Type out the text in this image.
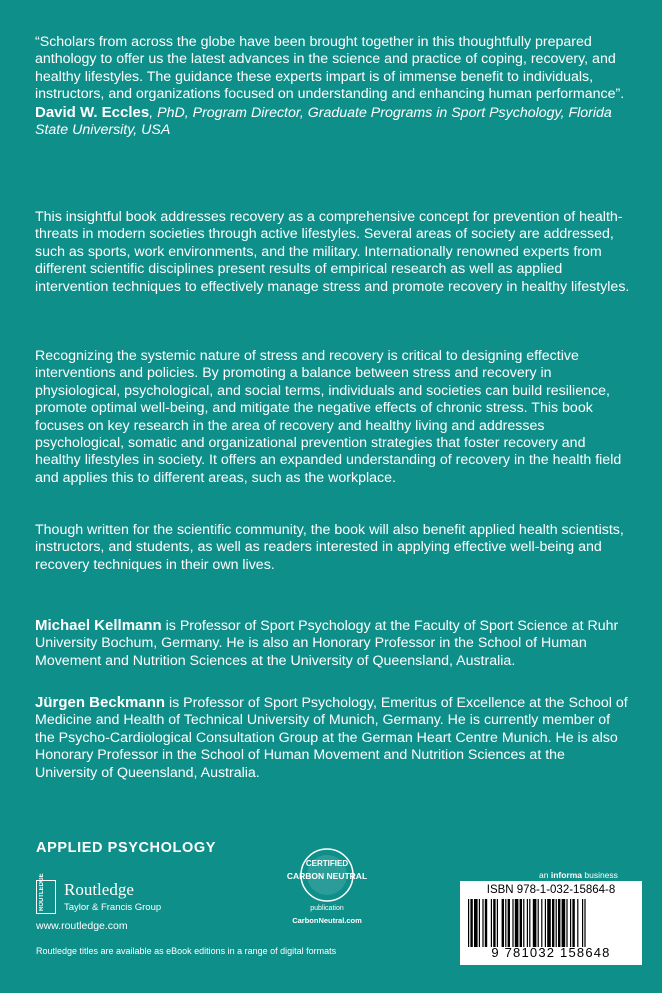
“Scholars from across the globe have been brought together in this thoughtfully prepared anthology to offer us the latest advances in the science and practice of coping, recovery, and healthy lifestyles. The guidance these experts impart is of immense benefit to individuals, instructors, and organizations focused on understanding and enhancing human performance”.
David W. Eccles, PhD, Program Director, Graduate Programs in Sport Psychology, Florida State University, USA
This insightful book addresses recovery as a comprehensive concept for prevention of health-threats in modern societies through active lifestyles. Several areas of society are addressed, such as sports, work environments, and the military. Internationally renowned experts from different scientific disciplines present results of empirical research as well as applied intervention techniques to effectively manage stress and promote recovery in healthy lifestyles.
Recognizing the systemic nature of stress and recovery is critical to designing effective interventions and policies. By promoting a balance between stress and recovery in physiological, psychological, and social terms, individuals and societies can build resilience, promote optimal well-being, and mitigate the negative effects of chronic stress. This book focuses on key research in the area of recovery and healthy living and addresses psychological, somatic and organizational prevention strategies that foster recovery and healthy lifestyles in society. It offers an expanded understanding of recovery in the health field and applies this to different areas, such as the workplace.
Though written for the scientific community, the book will also benefit applied health scientists, instructors, and students, as well as readers interested in applying effective well-being and recovery techniques in their own lives.
Michael Kellmann is Professor of Sport Psychology at the Faculty of Sport Science at Ruhr University Bochum, Germany. He is also an Honorary Professor in the School of Human Movement and Nutrition Sciences at the University of Queensland, Australia.
Jürgen Beckmann is Professor of Sport Psychology, Emeritus of Excellence at the School of Medicine and Health of Technical University of Munich, Germany. He is currently member of the Psycho-Cardiological Consultation Group at the German Heart Centre Munich. He is also Honorary Professor in the School of Human Movement and Nutrition Sciences at the University of Queensland, Australia.
APPLIED PSYCHOLOGY
ROUTLEDGE	Routledge
Taylor & Francis Group
www.routledge.com
CERTIFIED
CARBON NEUTRAL
publication
CarbonNeutral.com
an informa business
ISBN 978-1-032-15864-8
9 781032 158648
Routledge titles are available as eBook editions in a range of digital formats
